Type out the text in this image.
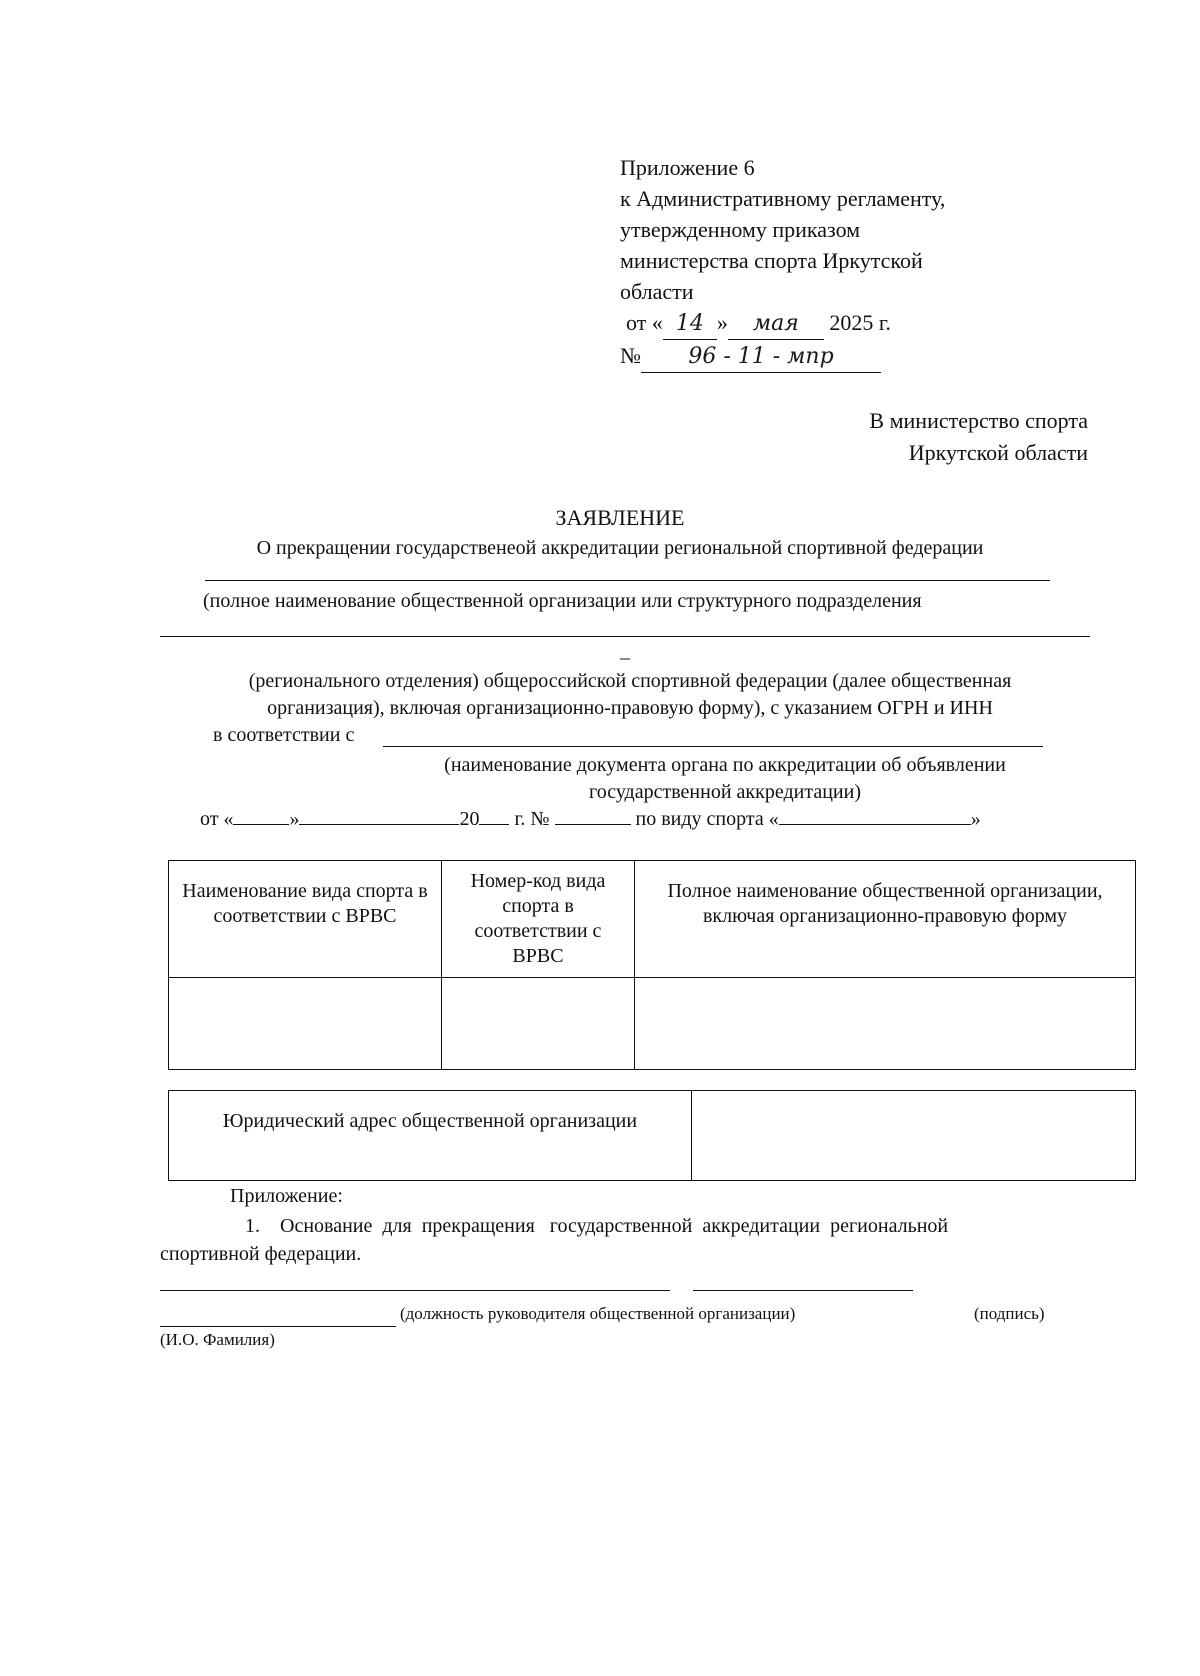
Приложение 6
к Административному регламенту,
утвержденному приказом
министерства спорта Иркутской
области
от « 14 » мая 2025 г.
№ 96 - 11 - мпр
В министерство спорта
Иркутской области
ЗАЯВЛЕНИЕ
О прекращении государственеой аккредитации региональной спортивной федерации
(полное наименование общественной организации или структурного подразделения
_
(регионального отделения) общероссийской спортивной федерации (далее общественная
организация), включая организационно-правовую форму), с указанием ОГРН и ИНН
в соответствии с
(наименование документа органа по аккредитации об объявлении
государственной аккредитации)
от «	»	20 г. №	по виду спорта «	»
Наименование вида спорта в соответствии с ВРВС	Номер-код вида спорта в соответствии с ВРВС	Полное наименование общественной организации, включая организационно-правовую форму

Юридический адрес общественной организации	
Приложение:
1.    Основание  для  прекращения   государственной  аккредитации  региональной
спортивной федерации.
(должность руководителя общественной организации)	(подпись)
(И.О. Фамилия)
